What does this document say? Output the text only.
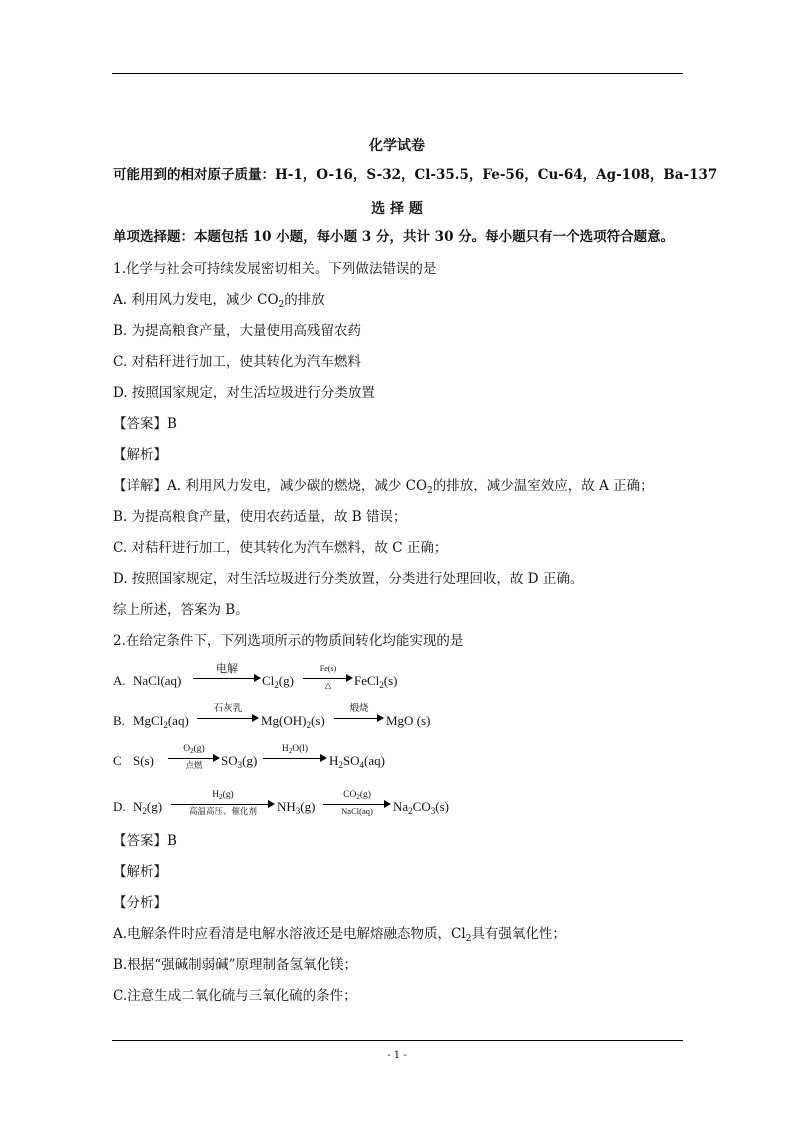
化学试卷
可能用到的相对原子质量：H-1，O-16，S-32，Cl-35.5，Fe-56，Cu-64，Ag-108，Ba-137
选 择 题
单项选择题：本题包括 10 小题，每小题 3 分，共计 30 分。每小题只有一个选项符合题意。
1.化学与社会可持续发展密切相关。下列做法错误的是
A. 利用风力发电，减少 $CO_2$的排放
B. 为提高粮食产量，大量使用高残留农药
C. 对秸秆进行加工，使其转化为汽车燃料
D. 按照国家规定，对生活垃圾进行分类放置
【答案】B
【解析】
【详解】A. 利用风力发电，减少碳的燃烧，减少 $CO_2$的排放，减少温室效应，故 A 正确；
B. 为提高粮食产量，使用农药适量，故 B 错误；
C. 对秸秆进行加工，使其转化为汽车燃料，故 C 正确；
D. 按照国家规定，对生活垃圾进行分类放置，分类进行处理回收，故 D 正确。
综上所述，答案为 B。
2.在给定条件下，下列选项所示的物质间转化均能实现的是
A. NaCl(aq)
电解
$Cl_2(g)$
Fe(s)
△	FeCl$_2$(s)
B. MgCl$_2$(aq)
石灰乳
$Mg(OH)_2(s)$
煅烧
MgO (s)
C S(s)
$O_2(g)$
点燃	$SO_3(g)$
$H_2O(l)$
$H_2SO_4(aq)$
D. $N_2(g)$
$H_2(g)$
高温高压、催化剂	$NH_3(g)$
$CO_2(g)$
NaCl(aq)	$Na_2CO_3(s)$
【答案】B
【解析】
【分析】
A.电解条件时应看清是电解水溶液还是电解熔融态物质，$Cl_2$具有强氧化性；
B.根据“强碱制弱碱”原理制备氢氧化镁；
C.注意生成二氧化硫与三氧化硫的条件；
- 1 -
